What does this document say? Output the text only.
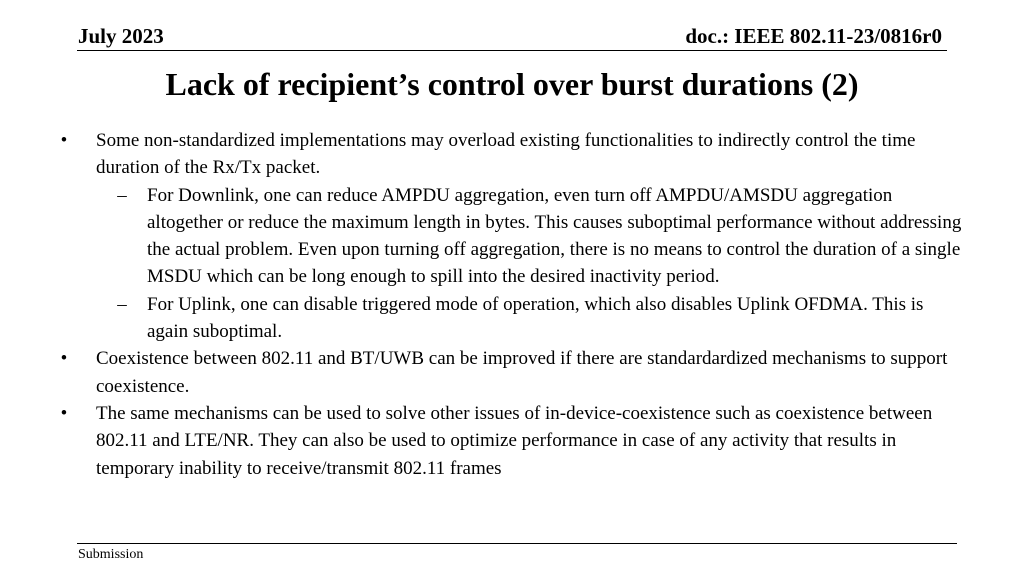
July 2023	doc.: IEEE 802.11-23/0816r0
Lack of recipient’s control over burst durations (2)
• Some non-standardized implementations may overload existing functionalities to indirectly control the time duration of the Rx/Tx packet.
– For Downlink, one can reduce AMPDU aggregation, even turn off AMPDU/AMSDU aggregation altogether or reduce the maximum length in bytes. This causes suboptimal performance without addressing the actual problem. Even upon turning off aggregation, there is no means to control the duration of a single MSDU which can be long enough to spill into the desired inactivity period.
– For Uplink, one can disable triggered mode of operation, which also disables Uplink OFDMA. This is again suboptimal.
• Coexistence between 802.11 and BT/UWB can be improved if there are standardardized mechanisms to support coexistence.
• The same mechanisms can be used to solve other issues of in-device-coexistence such as coexistence between 802.11 and LTE/NR. They can also be used to optimize performance in case of any activity that results in temporary inability to receive/transmit 802.11 frames
Submission
